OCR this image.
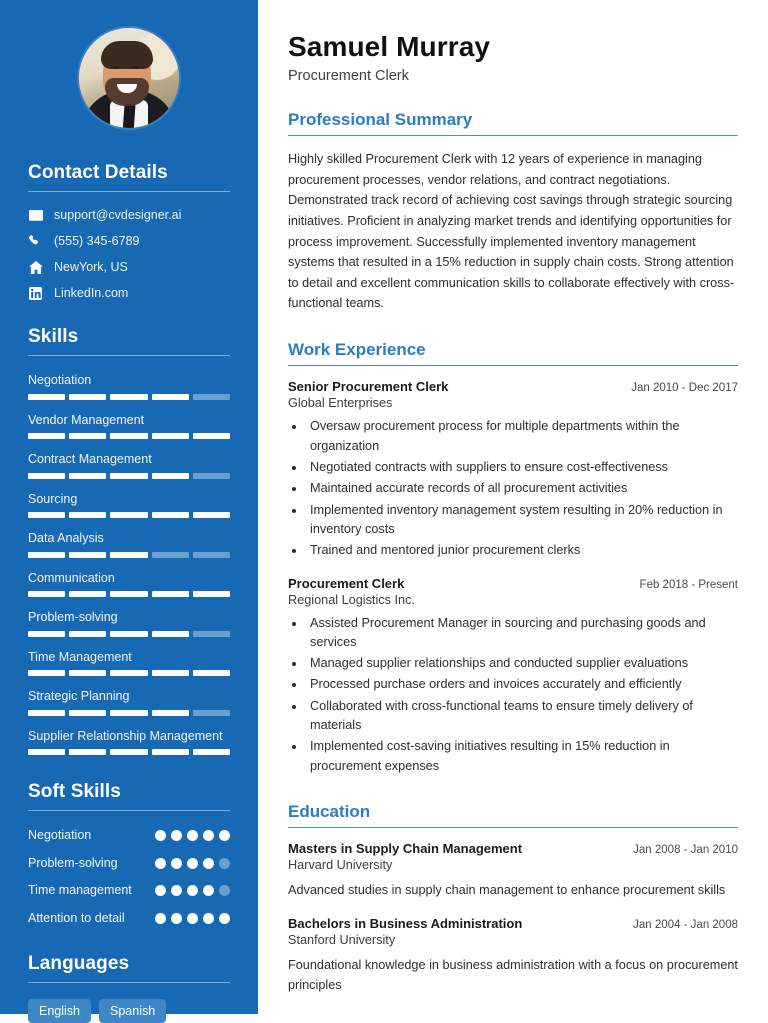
Contact Details
support@cvdesigner.ai
(555) 345-6789
NewYork, US
LinkedIn.com
Skills
Negotiation
Vendor Management
Contract Management
Sourcing
Data Analysis
Communication
Problem-solving
Time Management
Strategic Planning
Supplier Relationship Management
Soft Skills
Negotiation
Problem-solving
Time management
Attention to detail
Languages
English	Spanish
Samuel Murray
Procurement Clerk
Professional Summary

Highly skilled Procurement Clerk with 12 years of experience in managing procurement processes, vendor relations, and contract negotiations. Demonstrated track record of achieving cost savings through strategic sourcing initiatives. Proficient in analyzing market trends and identifying opportunities for process improvement. Successfully implemented inventory management systems that resulted in a 15% reduction in supply chain costs. Strong attention to detail and excellent communication skills to collaborate effectively with cross-functional teams.

Work Experience
Senior Procurement Clerk	Jan 2010 - Dec 2017
Global Enterprises
• Oversaw procurement process for multiple departments within the organization
• Negotiated contracts with suppliers to ensure cost-effectiveness
• Maintained accurate records of all procurement activities
• Implemented inventory management system resulting in 20% reduction in inventory costs
• Trained and mentored junior procurement clerks
Procurement Clerk	Feb 2018 - Present
Regional Logistics Inc.
• Assisted Procurement Manager in sourcing and purchasing goods and services
• Managed supplier relationships and conducted supplier evaluations
• Processed purchase orders and invoices accurately and efficiently
• Collaborated with cross-functional teams to ensure timely delivery of materials
• Implemented cost-saving initiatives resulting in 15% reduction in procurement expenses
Education
Masters in Supply Chain Management	Jan 2008 - Jan 2010
Harvard University
Advanced studies in supply chain management to enhance procurement skills
Bachelors in Business Administration	Jan 2004 - Jan 2008
Stanford University
Foundational knowledge in business administration with a focus on procurement principles
